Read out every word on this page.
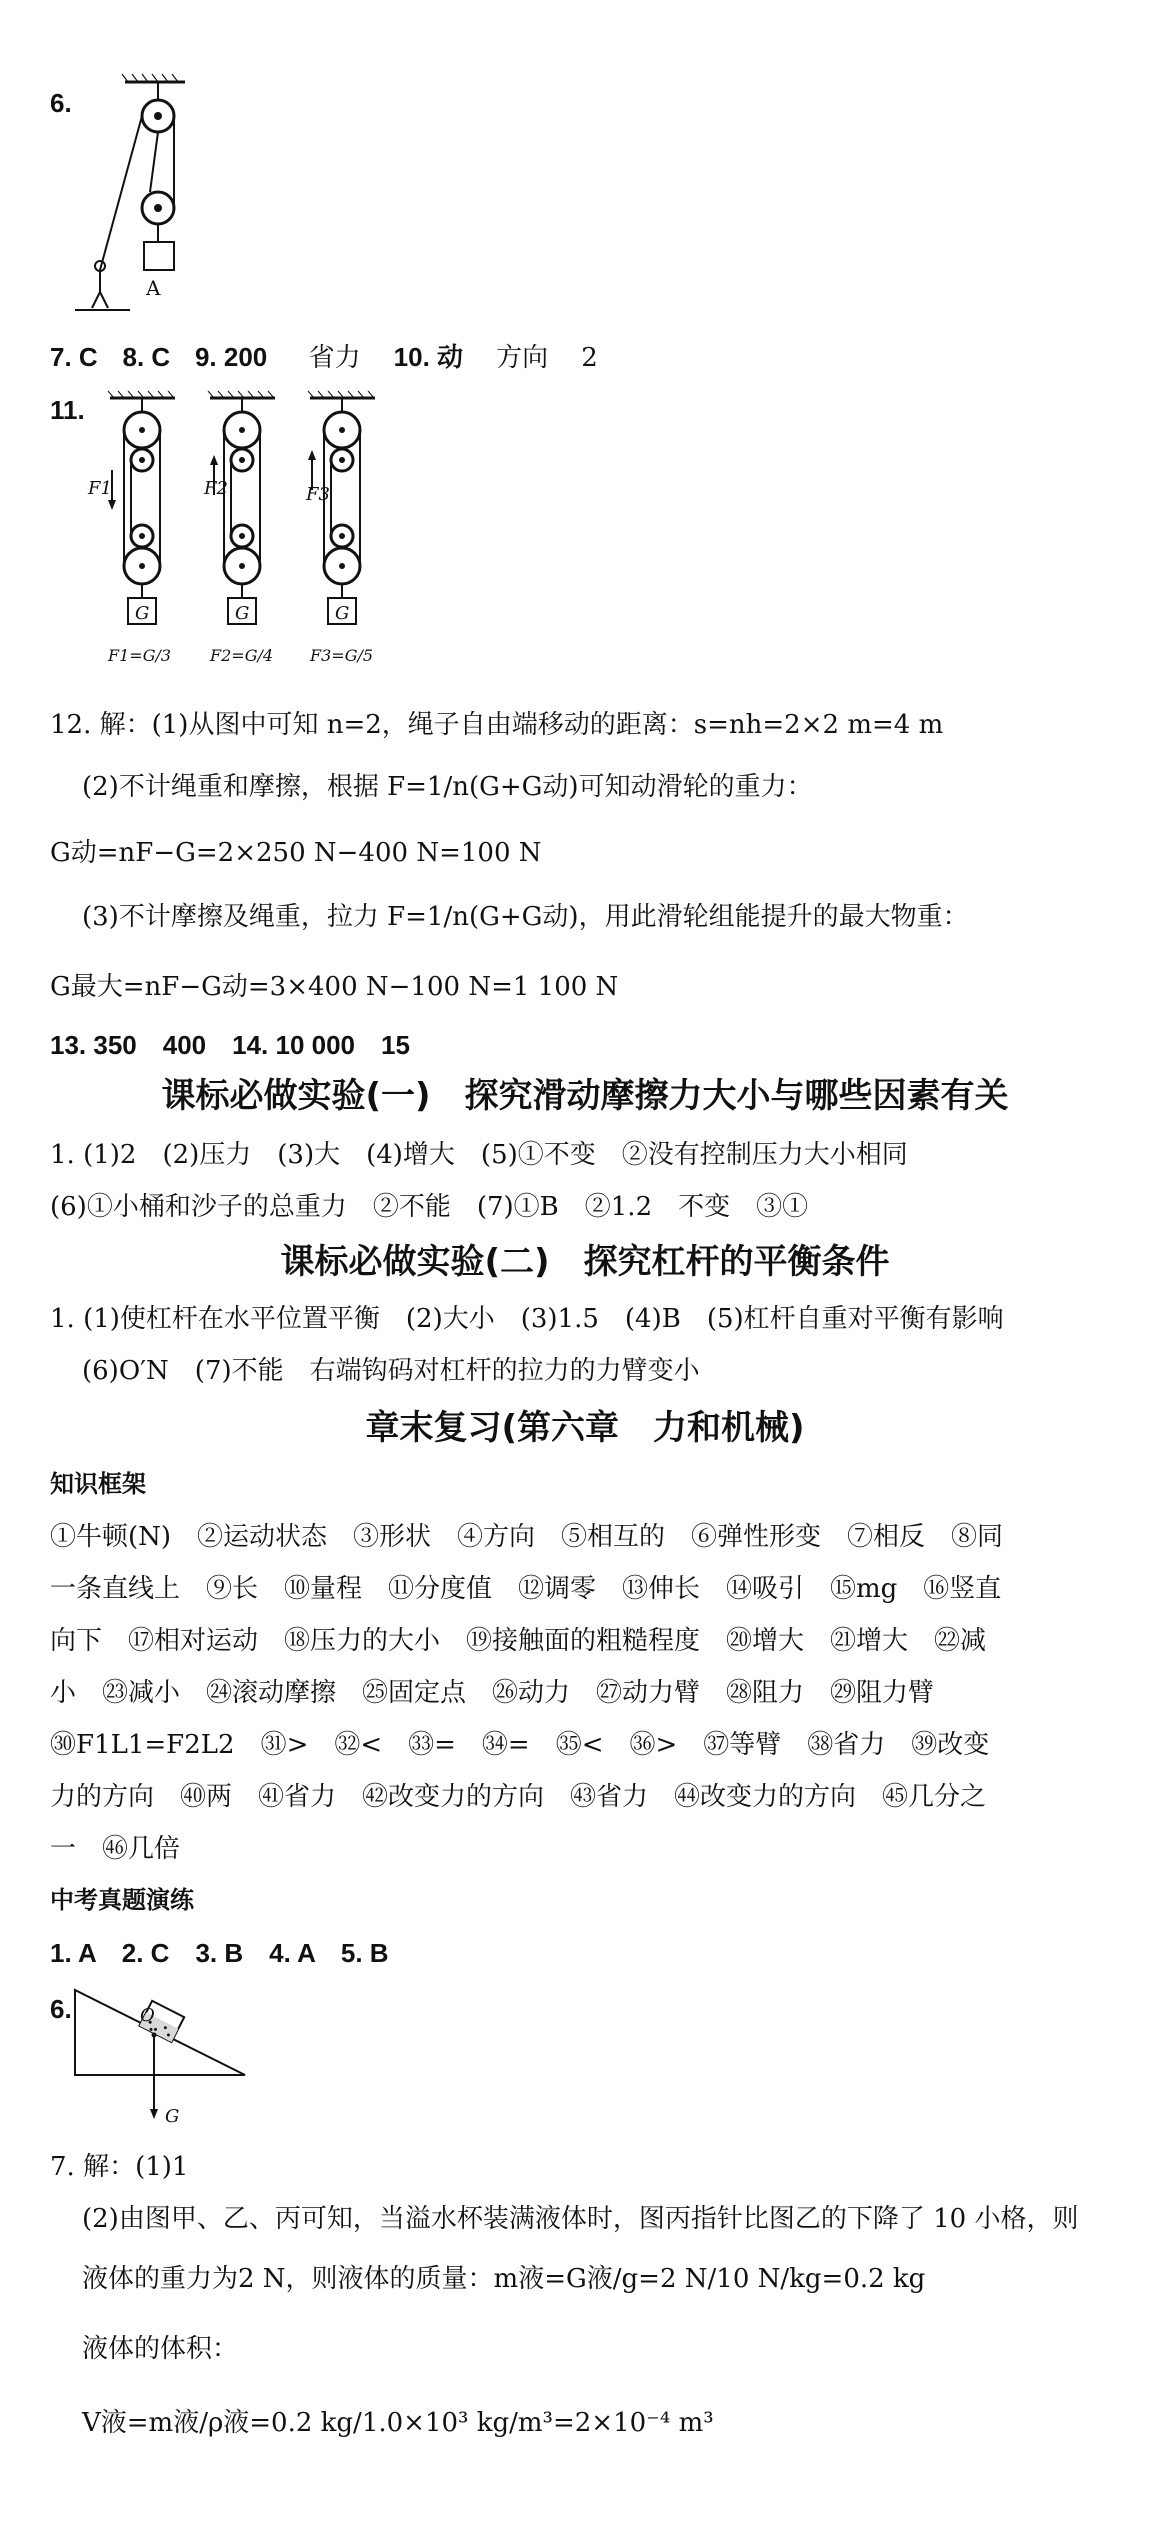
6.
A
7. C 8. C 9. 200 省力 10. 动 方向 2
11.
F1	F2	F3
G	G	G
F1=G/3 F2=G/4 F3=G/5
12. 解：(1)从图中可知 n=2，绳子自由端移动的距离：s=nh=2×2 m=4 m
(2)不计绳重和摩擦，根据 F=1/n(G+G动)可知动滑轮的重力：
G动=nF−G=2×250 N−400 N=100 N
(3)不计摩擦及绳重，拉力 F=1/n(G+G动)，用此滑轮组能提升的最大物重：
G最大=nF−G动=3×400 N−100 N=1 100 N
13. 350　400　14. 10 000　15
课标必做实验(一)　探究滑动摩擦力大小与哪些因素有关
1. (1)2　(2)压力　(3)大　(4)增大　(5)①不变　②没有控制压力大小相同
(6)①小桶和沙子的总重力　②不能　(7)①B　②1.2　不变　③①
课标必做实验(二)　探究杠杆的平衡条件
1. (1)使杠杆在水平位置平衡　(2)大小　(3)1.5　(4)B　(5)杠杆自重对平衡有影响
(6)O′N　(7)不能　右端钩码对杠杆的拉力的力臂变小
章末复习(第六章　力和机械)
知识框架
①牛顿(N)　②运动状态　③形状　④方向　⑤相互的　⑥弹性形变　⑦相反　⑧同
一条直线上　⑨长　⑩量程　⑪分度值　⑫调零　⑬伸长　⑭吸引　⑮mg　⑯竖直
向下　⑰相对运动　⑱压力的大小　⑲接触面的粗糙程度　⑳增大　㉑增大　㉒减
小　㉓减小　㉔滚动摩擦　㉕固定点　㉖动力　㉗动力臂　㉘阻力　㉙阻力臂
㉚F1L1=F2L2　㉛>　㉜<　㉝=　㉞=　㉟<　㊱>　㊲等臂　㊳省力　㊴改变
力的方向　㊵两　㊶省力　㊷改变力的方向　㊸省力　㊹改变力的方向　㊺几分之
一　㊻几倍
中考真题演练
1. A　2. C　3. B　4. A　5. B
6.	O
G
7. 解：(1)1
(2)由图甲、乙、丙可知，当溢水杯装满液体时，图丙指针比图乙的下降了 10 小格，则
液体的重力为2 N，则液体的质量：m液=G液/g=2 N/10 N/kg=0.2 kg
液体的体积：
V液=m液/ρ液=0.2 kg/1.0×10³ kg/m³=2×10⁻⁴ m³
